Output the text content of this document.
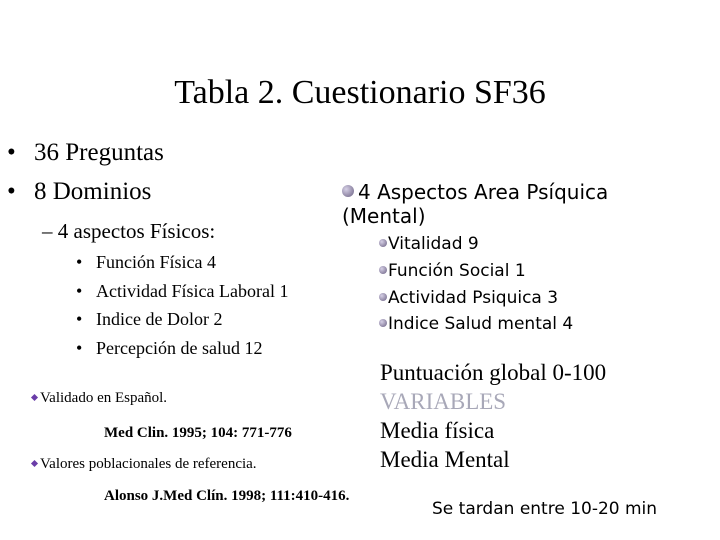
Tabla 2. Cuestionario SF36
• 36 Preguntas
• 8 Dominios
– 4 aspectos Físicos:
• Función Física 4
• Actividad Física Laboral 1
• Indice de Dolor 2
• Percepción de salud 12
Validado en Español.
Med Clin. 1995; 104: 771-776
Valores poblacionales de referencia.
Alonso J.Med Clín. 1998; 111:410-416.
4 Aspectos Area Psíquica
(Mental)
Vitalidad 9
Función Social 1
Actividad Psiquica 3
Indice Salud mental 4
Puntuación global 0-100
VARIABLES
Media física
Media Mental
Se tardan entre 10-20 min
